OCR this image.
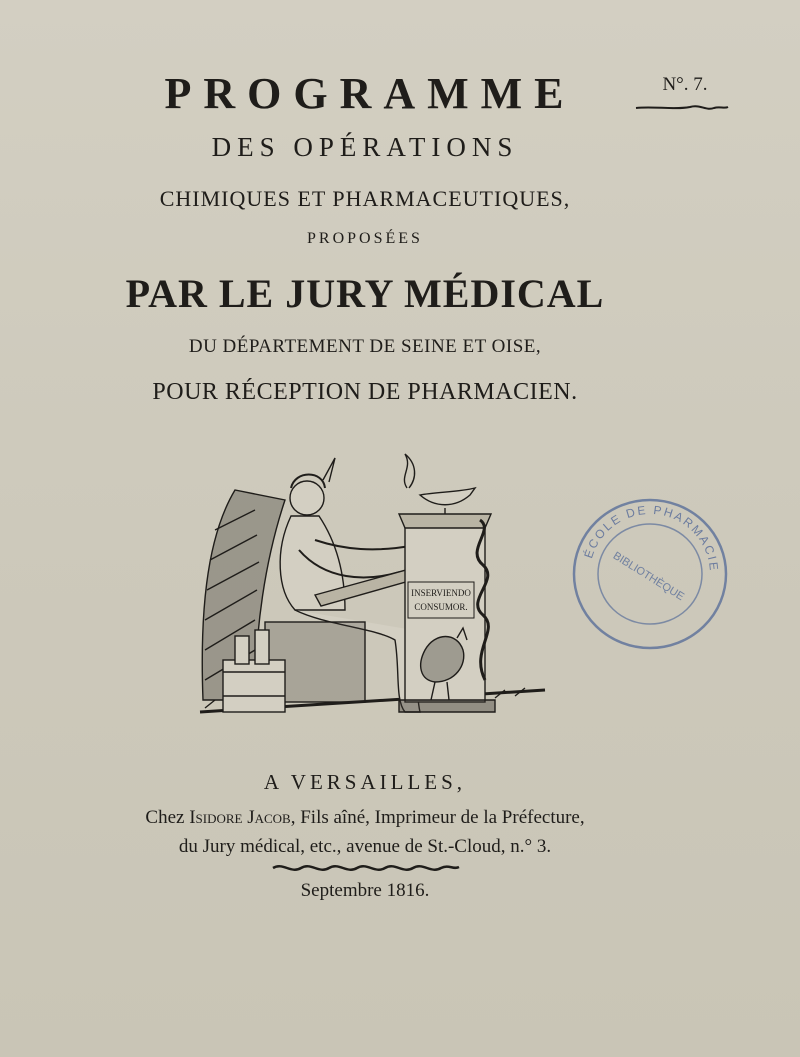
PROGRAMME	N°. 7.
DES OPÉRATIONS
CHIMIQUES ET PHARMACEUTIQUES,
PROPOSÉES
PAR LE JURY MÉDICAL
DU DÉPARTEMENT DE SEINE ET OISE,
POUR RÉCEPTION DE PHARMACIEN.
INSERVIENDO
CONSUMOR.
ÉCOLE DE PHARMACIE
BIBLIOTHÈQUE
A VERSAILLES,
Chez Isidore Jacob, Fils aîné, Imprimeur de la Préfecture,
du Jury médical, etc., avenue de St.-Cloud, n.° 3.
Septembre 1816.
